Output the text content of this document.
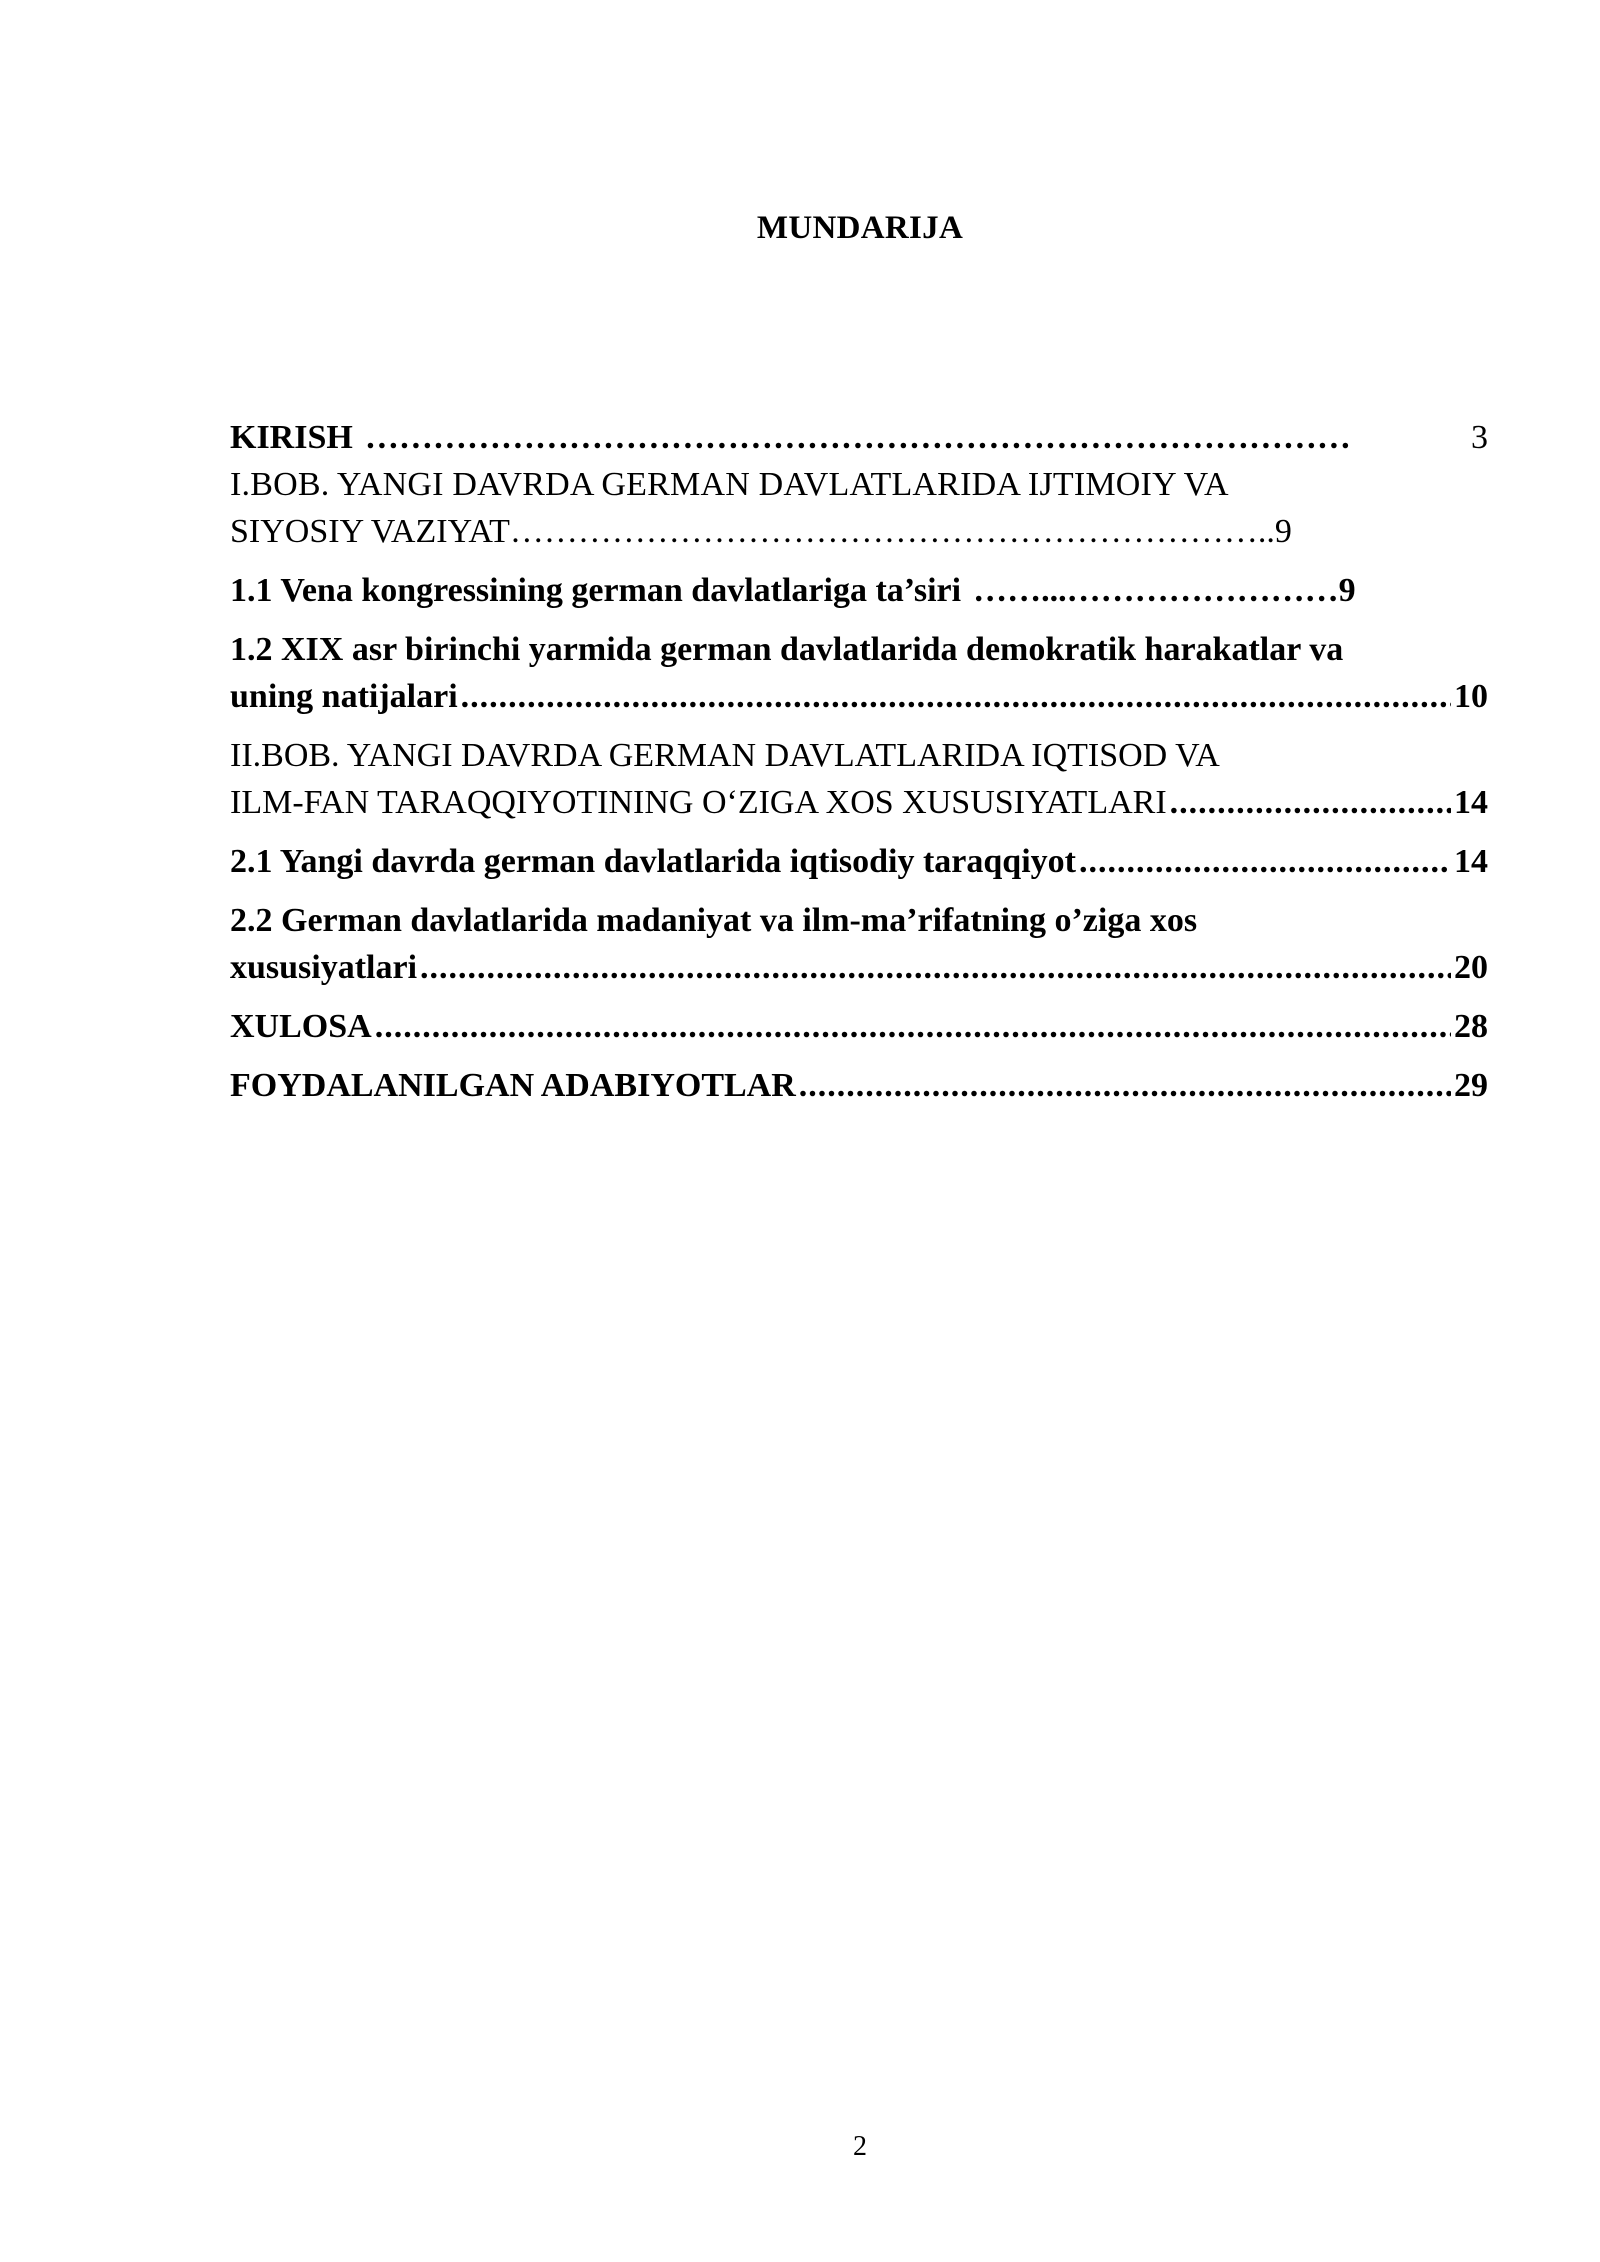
MUNDARIJA
KIRISH ……………………………………………………………………………	3
I.BOB. YANGI DAVRDA GERMAN DAVLATLARIDA IJTIMOIY VA
SIYOSIY VAZIYAT ………………………………………………………….. 9
1.1 Vena kongressining german davlatlariga ta’siri ……...…………………… 9
1.2 XIX asr birinchi yarmida german davlatlarida demokratik harakatlar va
uning natijalari .....	10
II.BOB. YANGI DAVRDA GERMAN DAVLATLARIDA IQTISOD VA
ILM-FAN TARAQQIYOTINING O‘ZIGA XOS XUSUSIYATLARI .....	14
2.1 Yangi davrda german davlatlarida iqtisodiy taraqqiyot .....	14
2.2 German davlatlarida madaniyat va ilm-ma’rifatning o’ziga xos
xususiyatlari .....	20
XULOSA .....	28
FOYDALANILGAN ADABIYOTLAR .....	29
2
